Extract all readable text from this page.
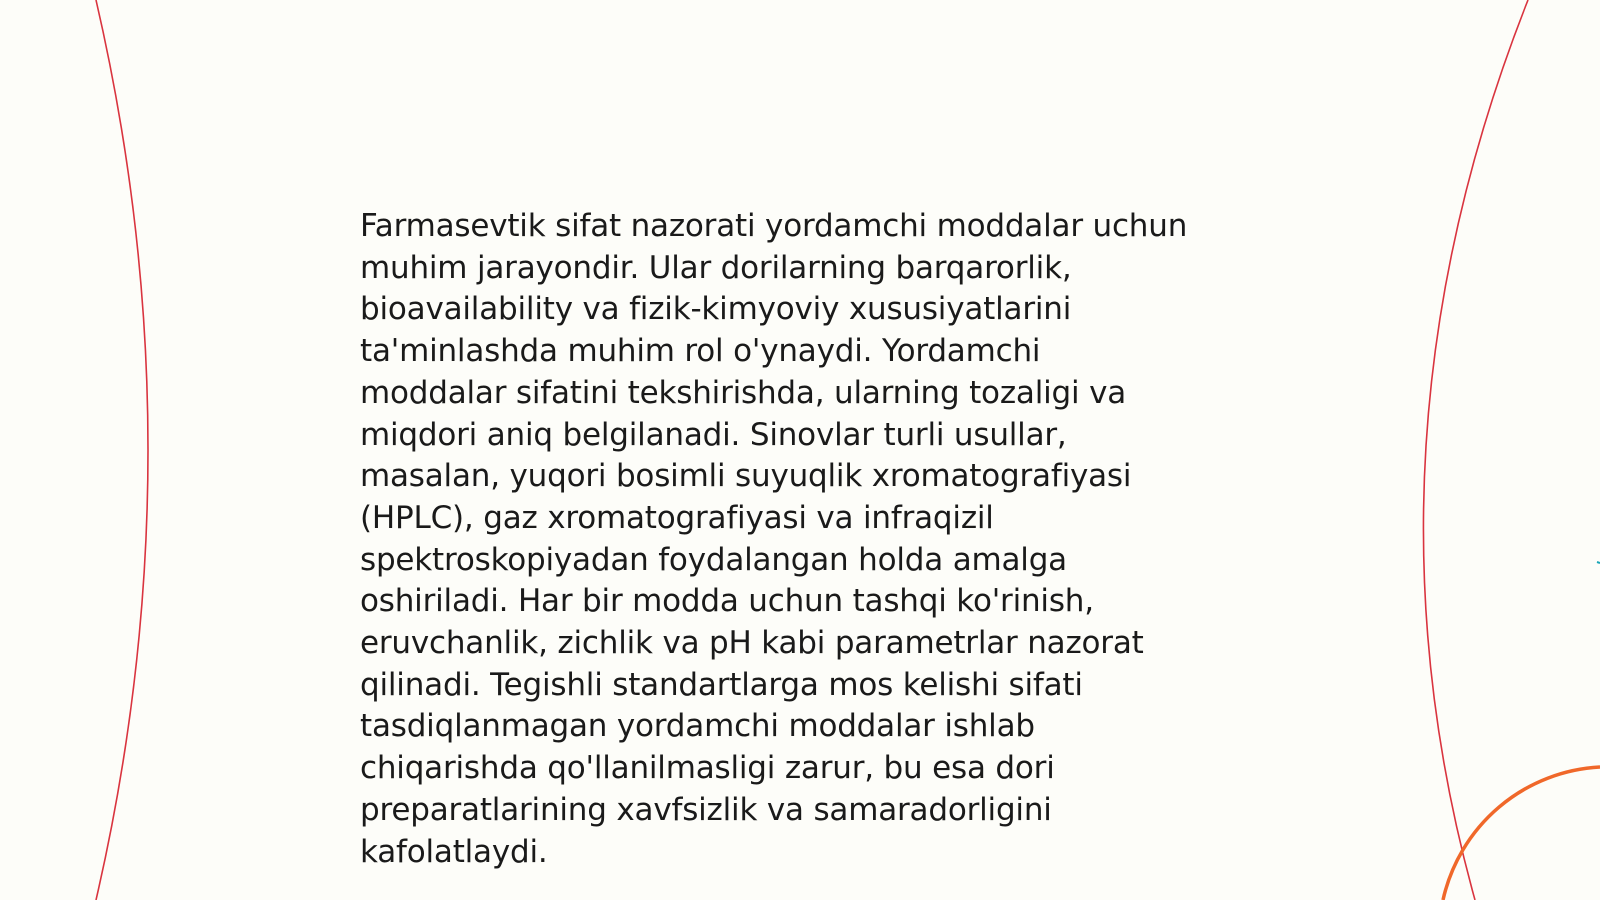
Farmasevtik sifat nazorati yordamchi moddalar uchun
muhim jarayondir. Ular dorilarning barqarorlik,
bioavailability va fizik-kimyoviy xususiyatlarini
ta'minlashda muhim rol o'ynaydi. Yordamchi
moddalar sifatini tekshirishda, ularning tozaligi va
miqdori aniq belgilanadi. Sinovlar turli usullar,
masalan, yuqori bosimli suyuqlik xromatografiyasi
(HPLC), gaz xromatografiyasi va infraqizil
spektroskopiyadan foydalangan holda amalga
oshiriladi. Har bir modda uchun tashqi ko'rinish,
eruvchanlik, zichlik va pH kabi parametrlar nazorat
qilinadi. Tegishli standartlarga mos kelishi sifati
tasdiqlanmagan yordamchi moddalar ishlab
chiqarishda qo'llanilmasligi zarur, bu esa dori
preparatlarining xavfsizlik va samaradorligini
kafolatlaydi.
